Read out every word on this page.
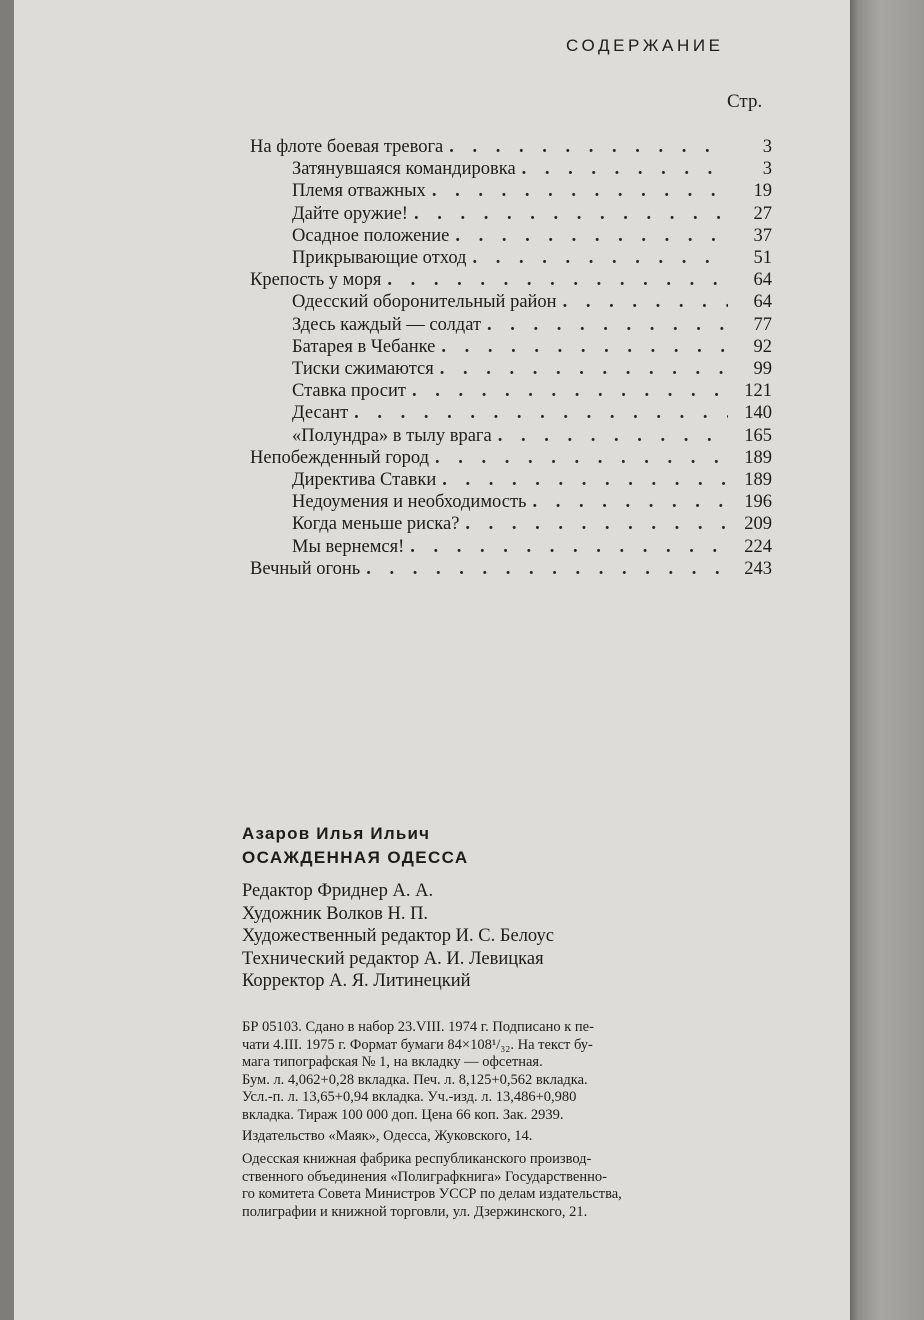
СОДЕРЖАНИЕ
Стр.
На флоте боевая тревога . . .	3
Затянувшаяся командировка . . .	3
Племя отважных . . .	19
Дайте оружие! . . .	27
Осадное положение . . .	37
Прикрывающие отход . . .	51
Крепость у моря . . .	64
Одесский оборонительный район . . .	64
Здесь каждый — солдат . . .	77
Батарея в Чебанке . . .	92
Тиски сжимаются . . .	99
Ставка просит . . .	121
Десант . . .	140
«Полундра» в тылу врага . . .	165
Непобежденный город . . .	189
Директива Ставки . . .	189
Недоумения и необходимость . . .	196
Когда меньше риска? . . .	209
Мы вернемся! . . .	224
Вечный огонь . . .	243
Азаров Илья Ильич
ОСАЖДЕННАЯ ОДЕССА
Редактор Фриднер А. А.
Художник Волков Н. П.
Художественный редактор И. С. Белоус
Технический редактор А. И. Левицкая
Корректор А. Я. Литинецкий
БР 05103. Сдано в набор 23.VIII. 1974 г. Подписано к пе-
чати 4.III. 1975 г. Формат бумаги 84×108¹/₃₂. На текст бу-
мага типографская № 1, на вкладку — офсетная.
Бум. л. 4,062+0,28 вкладка. Печ. л. 8,125+0,562 вкладка.
Усл.-п. л. 13,65+0,94 вкладка. Уч.-изд. л. 13,486+0,980
вкладка. Тираж 100 000 доп. Цена 66 коп. Зак. 2939.
Издательство «Маяк», Одесса, Жуковского, 14.
Одесская книжная фабрика республиканского производ-
ственного объединения «Полиграфкнига» Государственно-
го комитета Совета Министров УССР по делам издательства,
полиграфии и книжной торговли, ул. Дзержинского, 21.
